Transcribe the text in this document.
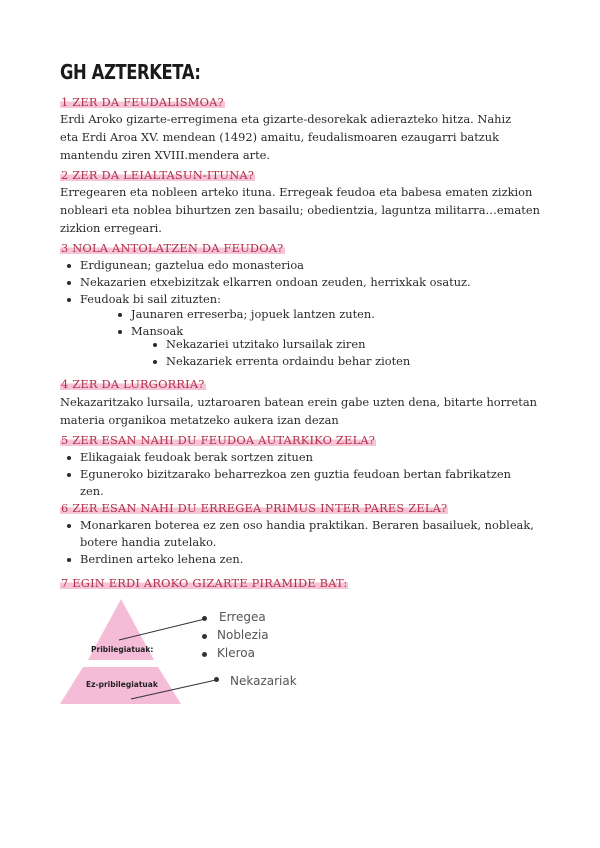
GH AZTERKETA:
1 ZER DA FEUDALISMOA?
Erdi Aroko gizarte-erregimena eta gizarte-desorekak adierazteko hitza. Nahiz
eta Erdi Aroa XV. mendean (1492) amaitu, feudalismoaren ezaugarri batzuk
mantendu ziren XVIII.mendera arte.
2 ZER DA LEIALTASUN-ITUNA?
Erregearen eta nobleen arteko ituna. Erregeak feudoa eta babesa ematen zizkion
nobleari eta noblea bihurtzen zen basailu; obedientzia, laguntza militarra…ematen
zizkion erregeari.
3 NOLA ANTOLATZEN DA FEUDOA?
Erdigunean; gaztelua edo monasterioa
Nekazarien etxebizitzak elkarren ondoan zeuden, herrixkak osatuz.
Feudoak bi sail zituzten:
Jaunaren erreserba; jopuek lantzen zuten.
Mansoak
Nekazariei utzitako lursailak ziren
Nekazariek errenta ordaindu behar zioten
4 ZER DA LURGORRIA?
Nekazaritzako lursaila, uztaroaren batean erein gabe uzten dena, bitarte horretan
materia organikoa metatzeko aukera izan dezan
5 ZER ESAN NAHI DU FEUDOA AUTARKIKO ZELA?
Elikagaiak feudoak berak sortzen zituen
Eguneroko bizitzarako beharrezkoa zen guztia feudoan bertan fabrikatzen
zen.
6 ZER ESAN NAHI DU ERREGEA PRIMUS INTER PARES ZELA?
Monarkaren boterea ez zen oso handia praktikan. Beraren basailuek, nobleak,
botere handia zutelako.
Berdinen arteko lehena zen.
7 EGIN ERDI AROKO GIZARTE PIRAMIDE BAT:
Pribilegiatuak:
Ez-pribilegiatuak
Erregea
Noblezia
Kleroa
Nekazariak
